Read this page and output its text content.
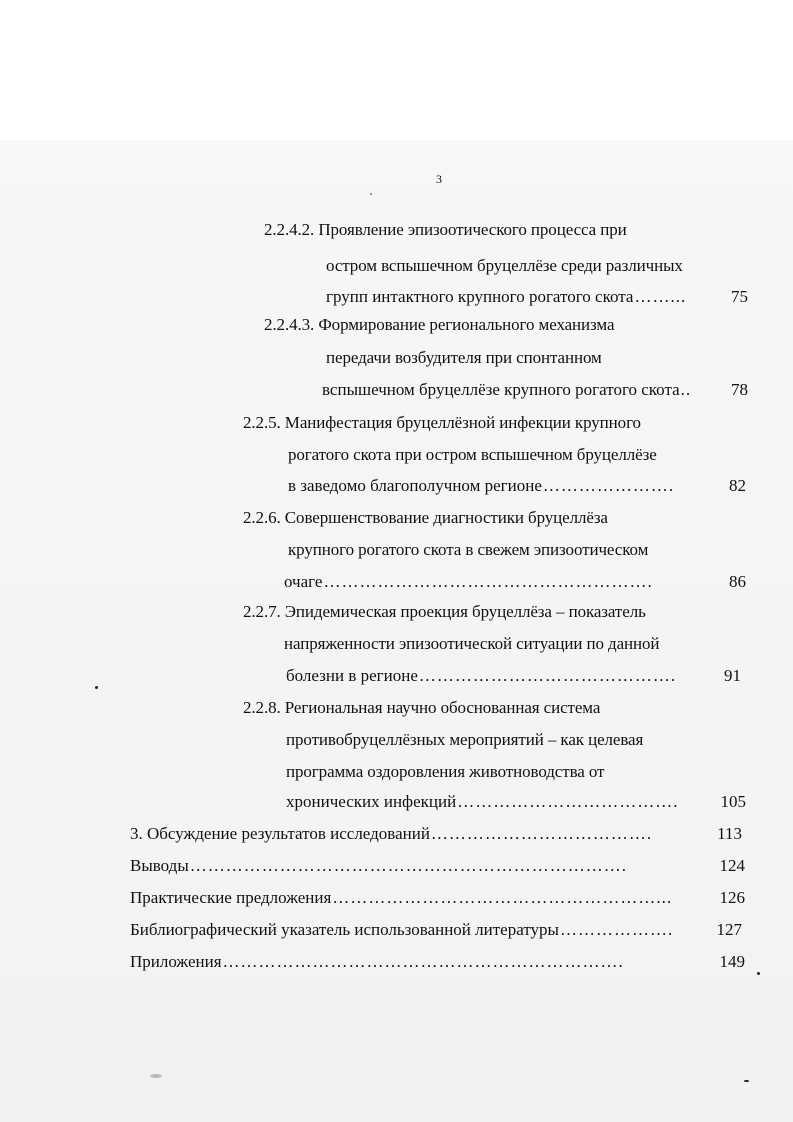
3
2.2.4.2. Проявление эпизоотического процесса при
остром вспышечном бруцеллёзе среди различных
групп интактного крупного рогатого скота ……...	75
2.2.4.3. Формирование регионального механизма
передачи возбудителя при спонтанном
вспышечном бруцеллёзе крупного рогатого скота ..	78
2.2.5. Манифестация бруцеллёзной инфекции крупного
рогатого скота при остром вспышечном бруцеллёзе
в заведомо благополучном регионе ………………….	82
2.2.6. Совершенствование диагностики бруцеллёза
крупного рогатого скота в свежем эпизоотическом
очаге ……………………………………………….	86
2.2.7. Эпидемическая проекция бруцеллёза – показатель
напряженности эпизоотической ситуации по данной
болезни в регионе …………………………………….	91
2.2.8. Региональная научно обоснованная система
противобруцеллёзных мероприятий – как целевая
программа оздоровления животноводства от
хронических инфекций ……………………………….	105
3. Обсуждение результатов исследований ……………………………….	113
Выводы ……………………………………………………………….	124
Практические предложения ………………………………………………...	126
Библиографический указатель использованной литературы ……………….	127
Приложения ………………………………………………………….	149
